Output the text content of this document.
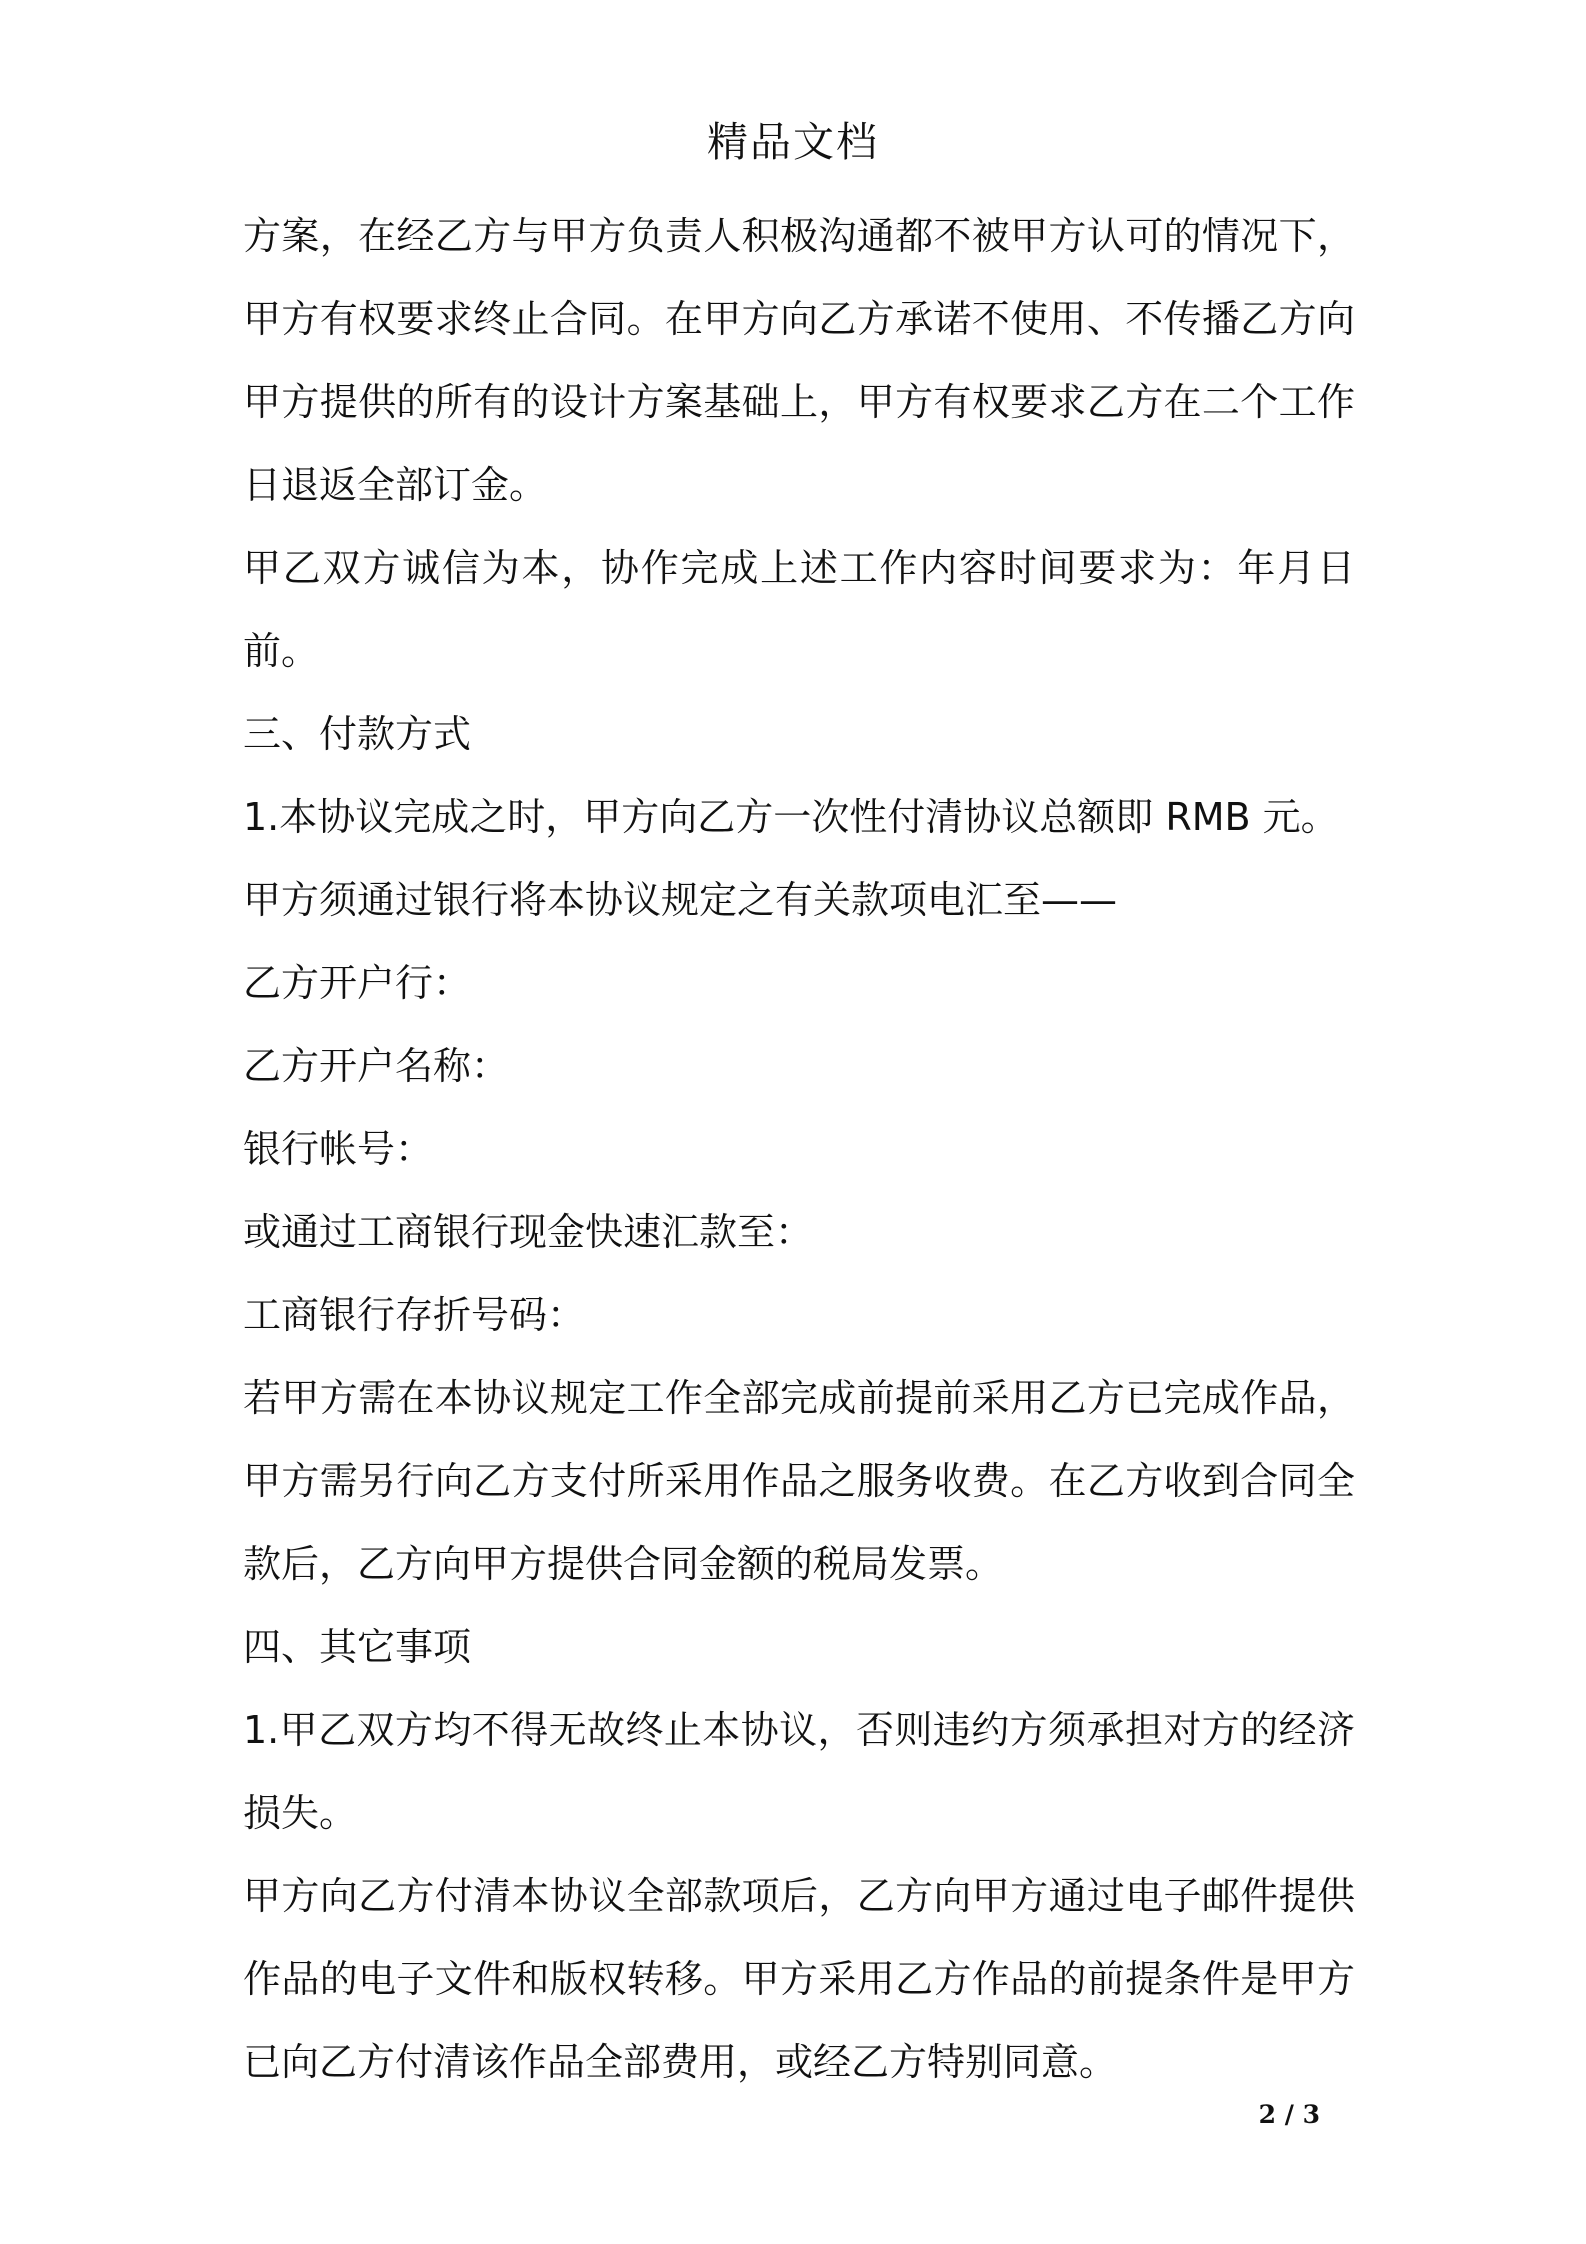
精品文档

方案，在经乙方与甲方负责人积极沟通都不被甲方认可的情况下，甲方有权要求终止合同。在甲方向乙方承诺不使用、不传播乙方向甲方提供的所有的设计方案基础上，甲方有权要求乙方在二个工作日退返全部订金。

甲乙双方诚信为本，协作完成上述工作内容时间要求为：年月日前。

三、付款方式

1.本协议完成之时，甲方向乙方一次性付清协议总额即 RMB 元。

甲方须通过银行将本协议规定之有关款项电汇至——

乙方开户行：

乙方开户名称：

银行帐号：

或通过工商银行现金快速汇款至：

工商银行存折号码：

若甲方需在本协议规定工作全部完成前提前采用乙方已完成作品，甲方需另行向乙方支付所采用作品之服务收费。在乙方收到合同全款后，乙方向甲方提供合同金额的税局发票。

四、其它事项

1.甲乙双方均不得无故终止本协议，否则违约方须承担对方的经济损失。

甲方向乙方付清本协议全部款项后，乙方向甲方通过电子邮件提供作品的电子文件和版权转移。甲方采用乙方作品的前提条件是甲方已向乙方付清该作品全部费用，或经乙方特别同意。

2 / 3
